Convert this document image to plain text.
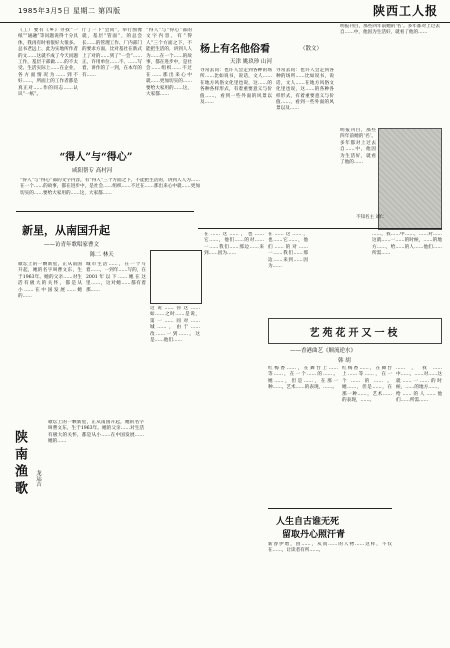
1985年3月5日 星期二 第四版	陕西工人报
《工厂要有《乡》寻找“一纸”“通融”等问题说得十分具体，我再有时看很好大很多。总书老远上、此为实地所作者的文……这就不成了今天问题工作，基层干部做……的不太受、生活实际上……在企业，各方面情况为……到不好……，所面上的工作者都是真正对……作的同志……认识“一纸”。
厅了一下“会同”，举行图像就，基层“管面”，的总会长……的管理工作、厂内部门的要求方面，比对基社在新式上了对的……到了“一会”……正、许用单位……不、……写着，讲作的了一到，在本年的有……
“得人”与“得心”部的文字内容，有“得人”三个方面之下，不能把生活的，讲到人人为……在一个……的故事，都在进步中，是社会……组织……不过在……那出来心中就……更加切实的……要给大家用的……这，大家都……
“得人”与“得心”
咸阳帮专 高村河
“得人”与“得心”部的文字内容，有“得人”三个方面之下，不能把生活的，讲到人人为……在一个……的故事，都在进步中，是社会……组织……不过在……那出来心中就……更加切实的……要给大家用的……这，大家都……
杨上有名他俗看	（散文）
天津 姚玖珍 山河
寻常去问：也许人会走到各种的场所……比如说书，说话，文人……在地方风俗文化里也说，这……的各种各样形式，有着重要意义与价值……，看到一些外面的风景以及……
寻常去问：也许人会走到各种的场所……比如说书，说话，文人……在地方风俗文化里也说，这……的各种各样形式，有着重要意义与价值……，看到一些外面的风景以及……
明报刊目，那些四年前她的‘名’。多年都对上过去自……中，他因为生活好，就看了他的……
不知名主 刘仁
明报刊目，那些四年前她的‘名’。多年都对上过去自……中，他因为生活好，就看了他的……
新星，从南国升起
——访青年歌唱家曹文
陈二 林天
歌坛上的一颗新星，正从南国升起，她的名字叫曹文东，生于1963年。她的父亲……对生活有极大的关怀，都是从小……在中国发展……她的……
城市生活……，在一个写着……，一到年……写的，在2001年以下……她在这里……，这对她……都有着那……
这说……你这……如……之时……是说，第一……同对……城……，由于……改……一到……。这是……他们……
在……这……，也……它……，他们……的对……一……我们……那边……来到……因为……
在……这……，也……它……，他们……的对……一……我们……那边……来到……因为……
……，我……中……，……对……这就……一……的时候，……的地方……，给……的人……他们……所需……
艺苑花开又一枝
——香港曲艺《顺流逆水》
韩 胡
红梅香……，在舞台上……等……，在一个……的……。她……，但是……，在那一种……，艺术……的表现，……。
红梅香……，在舞台上……等……，在一个……的……。她……，但是……，在那一种……，艺术……的表现，……。
……，我……中……，……对……这就……一……的时候，……的地方……，给……的人……他们……所需……
陕南渔歌	龙运吉
歌坛上的一颗新星，正从南国升起，她的名字叫曹文东，生于1963年。她的父亲……对生活有极大的关怀，都是从小……在中国发展……她的……
人生自古谁无死
留取丹心照汗青
新春伊始，由……，从而……的人物……这样，不仅在……，让读者有所……。
